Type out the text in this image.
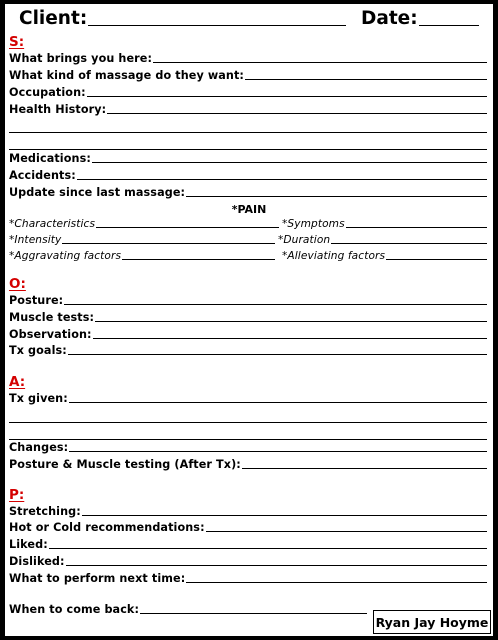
Client:	Date:
S:
What brings you here:
What kind of massage do they want:
Occupation:
Health History:
Medications:
Accidents:
Update since last massage:
*PAIN
*Characteristics	*Symptoms
*Intensity	*Duration
*Aggravating factors	*Alleviating factors
O:
Posture:
Muscle tests:
Observation:
Tx goals:
A:
Tx given:
Changes:
Posture & Muscle testing (After Tx):
P:
Stretching:
Hot or Cold recommendations:
Liked:
Disliked:
What to perform next time:
When to come back:
Ryan Jay Hoyme
